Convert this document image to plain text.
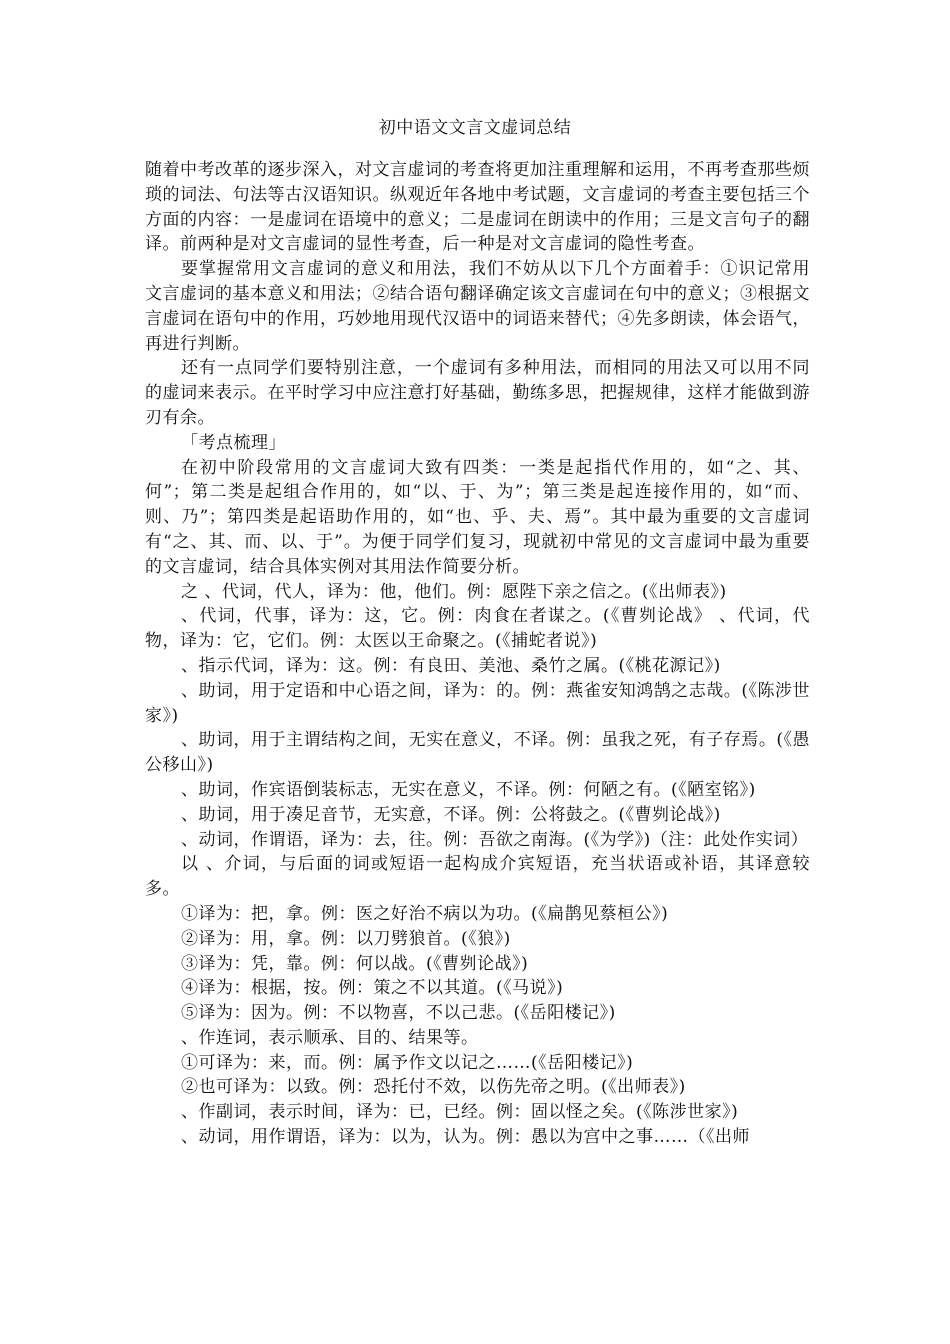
初中语文文言文虚词总结

随着中考改革的逐步深入，对文言虚词的考查将更加注重理解和运用，不再考查那些烦琐的词法、句法等古汉语知识。纵观近年各地中考试题，文言虚词的考查主要包括三个方面的内容：一是虚词在语境中的意义；二是虚词在朗读中的作用；三是文言句子的翻译。前两种是对文言虚词的显性考查，后一种是对文言虚词的隐性考查。

要掌握常用文言虚词的意义和用法，我们不妨从以下几个方面着手：①识记常用文言虚词的基本意义和用法；②结合语句翻译确定该文言虚词在句中的意义；③根据文言虚词在语句中的作用，巧妙地用现代汉语中的词语来替代；④先多朗读，体会语气，再进行判断。

还有一点同学们要特别注意，一个虚词有多种用法，而相同的用法又可以用不同的虚词来表示。在平时学习中应注意打好基础，勤练多思，把握规律，这样才能做到游刃有余。

「考点梳理」

在初中阶段常用的文言虚词大致有四类：一类是起指代作用的，如“之、其、何”；第二类是起组合作用的，如“以、于、为”；第三类是起连接作用的，如“而、则、乃”；第四类是起语助作用的，如“也、乎、夫、焉”。其中最为重要的文言虚词有“之、其、而、以、于”。为便于同学们复习，现就初中常见的文言虚词中最为重要的文言虚词，结合具体实例对其用法作简要分析。

之 、代词，代人，译为：他，他们。例：愿陛下亲之信之。(《出师表》)

、代词，代事，译为：这，它。例：肉食在者谋之。(《曹刿论战》 、代词，代物，译为：它，它们。例：太医以王命聚之。(《捕蛇者说》)

、指示代词，译为：这。例：有良田、美池、桑竹之属。(《桃花源记》)

、助词，用于定语和中心语之间，译为：的。例：燕雀安知鸿鹄之志哉。(《陈涉世家》)

、助词，用于主谓结构之间，无实在意义，不译。例：虽我之死，有子存焉。(《愚公移山》)

、助词，作宾语倒装标志，无实在意义，不译。例：何陋之有。(《陋室铭》)

、助词，用于凑足音节，无实意，不译。例：公将鼓之。(《曹刿论战》)

、动词，作谓语，译为：去，往。例：吾欲之南海。(《为学》)（注：此处作实词）

以 、介词，与后面的词或短语一起构成介宾短语，充当状语或补语，其译意较多。

①译为：把，拿。例：医之好治不病以为功。(《扁鹊见蔡桓公》)

②译为：用，拿。例：以刀劈狼首。(《狼》)

③译为：凭，靠。例：何以战。(《曹刿论战》)

④译为：根据，按。例：策之不以其道。(《马说》)

⑤译为：因为。例：不以物喜，不以己悲。(《岳阳楼记》)

、作连词，表示顺承、目的、结果等。

①可译为：来，而。例：属予作文以记之……(《岳阳楼记》)

②也可译为：以致。例：恐托付不效，以伤先帝之明。(《出师表》)

、作副词，表示时间，译为：已，已经。例：固以怪之矣。(《陈涉世家》)

、动词，用作谓语，译为：以为，认为。例：愚以为宫中之事……（《出师
